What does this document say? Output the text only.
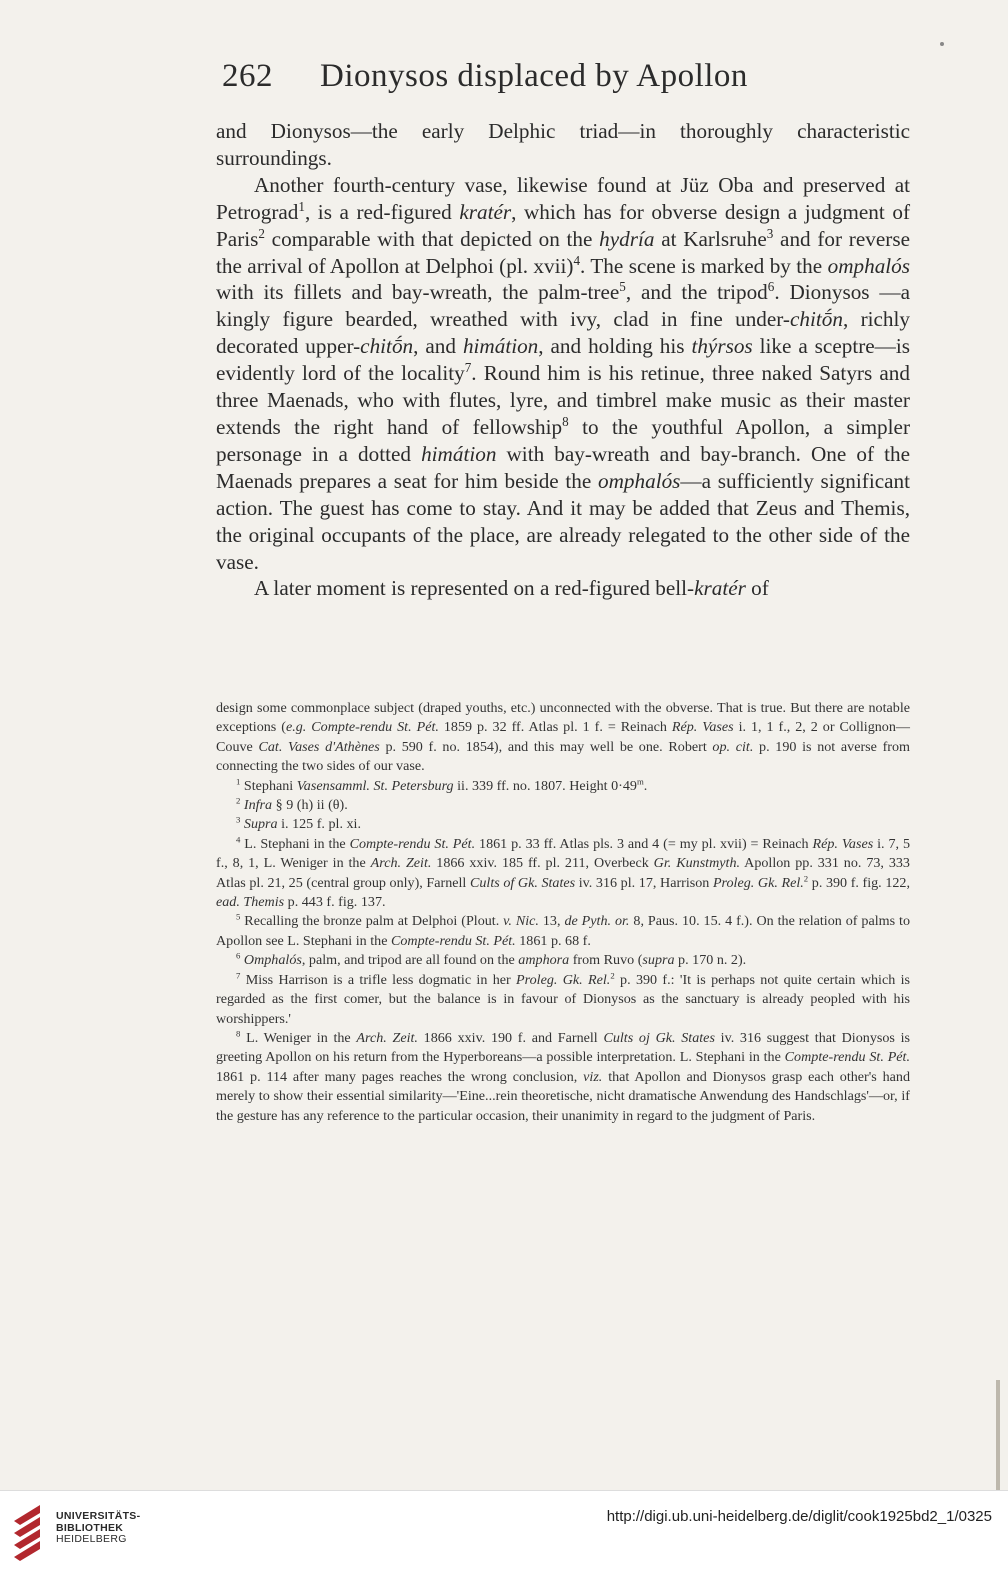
262 Dionysos displaced by Apollon

and Dionysos—the early Delphic triad—in thoroughly characteristic surroundings.

Another fourth-century vase, likewise found at Jüz Oba and preserved at Petrograd$^1$, is a red-figured kratér, which has for obverse design a judgment of Paris$^2$ comparable with that depicted on the hydría at Karlsruhe$^3$ and for reverse the arrival of Apollon at Delphoi (pl. xvii)$^4$. The scene is marked by the omphalós with its fillets and bay-wreath, the palm-tree$^5$, and the tripod$^6$. Dionysos —a kingly figure bearded, wreathed with ivy, clad in fine under-chitṓn, richly decorated upper-chitṓn, and himátion, and holding his thýrsos like a sceptre—is evidently lord of the locality$^7$. Round him is his retinue, three naked Satyrs and three Maenads, who with flutes, lyre, and timbrel make music as their master extends the right hand of fellowship$^8$ to the youthful Apollon, a simpler personage in a dotted himátion with bay-wreath and bay-branch. One of the Maenads prepares a seat for him beside the omphalós—a sufficiently significant action. The guest has come to stay. And it may be added that Zeus and Themis, the original occupants of the place, are already relegated to the other side of the vase.

A later moment is represented on a red-figured bell-kratér of

design some commonplace subject (draped youths, etc.) unconnected with the obverse. That is true. But there are notable exceptions (e.g. Compte-rendu St. Pét. 1859 p. 32 ff. Atlas pl. 1 f. = Reinach Rép. Vases i. 1, 1 f., 2, 2 or Collignon—Couve Cat. Vases d'Athènes p. 590 f. no. 1854), and this may well be one. Robert op. cit. p. 190 is not averse from connecting the two sides of our vase.

$^1$ Stephani Vasensamml. St. Petersburg ii. 339 ff. no. 1807. Height $0\cdot 49^m$.

$^2$ Infra § 9 (h) ii (θ).

$^3$ Supra i. 125 f. pl. xi.

$^4$ L. Stephani in the Compte-rendu St. Pét. 1861 p. 33 ff. Atlas pls. 3 and 4 (= my pl. xvii) = Reinach Rép. Vases i. 7, 5 f., 8, 1, L. Weniger in the Arch. Zeit. 1866 xxiv. 185 ff. pl. 211, Overbeck Gr. Kunstmyth. Apollon pp. 331 no. 73, 333 Atlas pl. 21, 25 (central group only), Farnell Cults of Gk. States iv. 316 pl. 17, Harrison Proleg. Gk. Rel.$^2$ p. 390 f. fig. 122, ead. Themis p. 443 f. fig. 137.

$^5$ Recalling the bronze palm at Delphoi (Plout. v. Nic. 13, de Pyth. or. 8, Paus. 10. 15. 4 f.). On the relation of palms to Apollon see L. Stephani in the Compte-rendu St. Pét. 1861 p. 68 f.

$^6$ Omphalós, palm, and tripod are all found on the amphora from Ruvo (supra p. 170 n. 2).

$^7$ Miss Harrison is a trifle less dogmatic in her Proleg. Gk. Rel.$^2$ p. 390 f.: 'It is perhaps not quite certain which is regarded as the first comer, but the balance is in favour of Dionysos as the sanctuary is already peopled with his worshippers.'

$^8$ L. Weniger in the Arch. Zeit. 1866 xxiv. 190 f. and Farnell Cults oj Gk. States iv. 316 suggest that Dionysos is greeting Apollon on his return from the Hyperboreans—a possible interpretation. L. Stephani in the Compte-rendu St. Pét. 1861 p. 114 after many pages reaches the wrong conclusion, viz. that Apollon and Dionysos grasp each other's hand merely to show their essential similarity—'Eine...rein theoretische, nicht dramatische Anwendung des Handschlags'—or, if the gesture has any reference to the particular occasion, their unanimity in regard to the judgment of Paris.

UNIVERSITÄTS-
BIBLIOTHEK
HEIDELBERG
http://digi.ub.uni-heidelberg.de/diglit/cook1925bd2_1/0325
